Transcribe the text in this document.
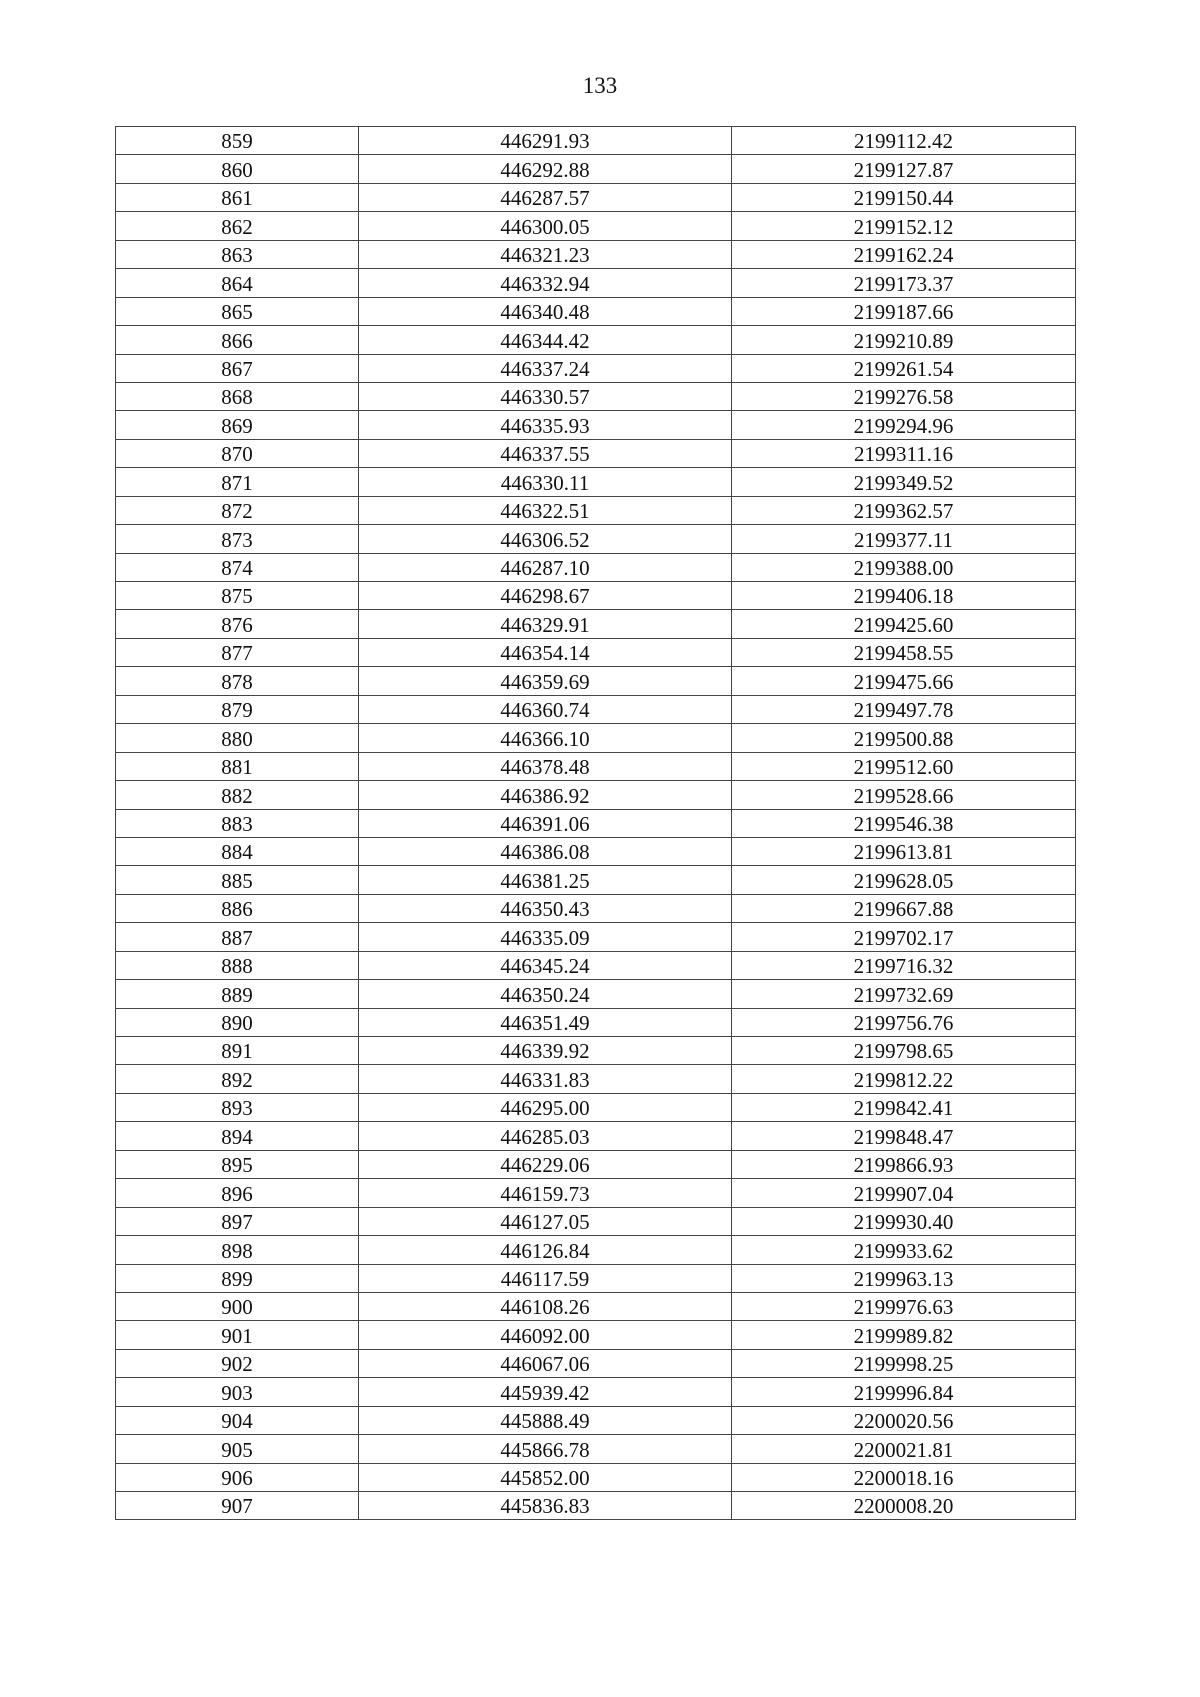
133
859	446291.93	2199112.42
860	446292.88	2199127.87
861	446287.57	2199150.44
862	446300.05	2199152.12
863	446321.23	2199162.24
864	446332.94	2199173.37
865	446340.48	2199187.66
866	446344.42	2199210.89
867	446337.24	2199261.54
868	446330.57	2199276.58
869	446335.93	2199294.96
870	446337.55	2199311.16
871	446330.11	2199349.52
872	446322.51	2199362.57
873	446306.52	2199377.11
874	446287.10	2199388.00
875	446298.67	2199406.18
876	446329.91	2199425.60
877	446354.14	2199458.55
878	446359.69	2199475.66
879	446360.74	2199497.78
880	446366.10	2199500.88
881	446378.48	2199512.60
882	446386.92	2199528.66
883	446391.06	2199546.38
884	446386.08	2199613.81
885	446381.25	2199628.05
886	446350.43	2199667.88
887	446335.09	2199702.17
888	446345.24	2199716.32
889	446350.24	2199732.69
890	446351.49	2199756.76
891	446339.92	2199798.65
892	446331.83	2199812.22
893	446295.00	2199842.41
894	446285.03	2199848.47
895	446229.06	2199866.93
896	446159.73	2199907.04
897	446127.05	2199930.40
898	446126.84	2199933.62
899	446117.59	2199963.13
900	446108.26	2199976.63
901	446092.00	2199989.82
902	446067.06	2199998.25
903	445939.42	2199996.84
904	445888.49	2200020.56
905	445866.78	2200021.81
906	445852.00	2200018.16
907	445836.83	2200008.20
